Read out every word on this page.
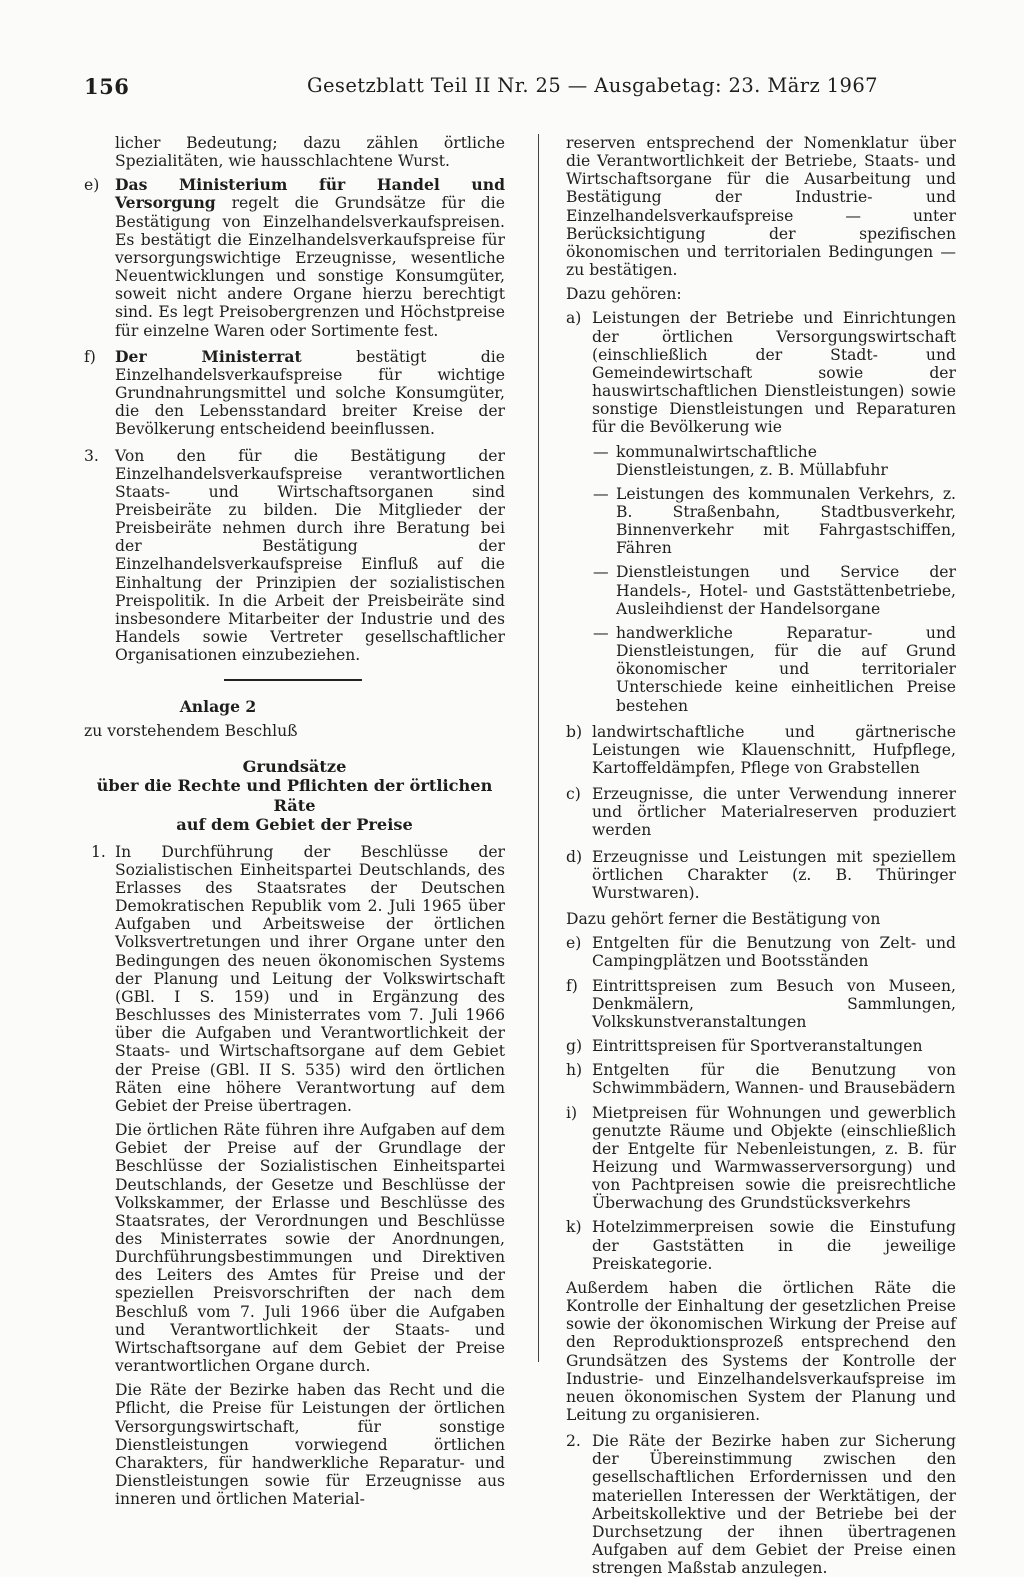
156	Gesetzblatt Teil II Nr. 25 — Ausgabetag: 23. März 1967

licher Bedeutung; dazu zählen örtliche Spezialitäten, wie hausschlachtene Wurst.

e) Das Ministerium für Handel und Versorgung regelt die Grundsätze für die Bestätigung von Einzelhandelsverkaufspreisen. Es bestätigt die Einzelhandelsverkaufspreise für versorgungswichtige Erzeugnisse, wesentliche Neuentwicklungen und sonstige Konsumgüter, soweit nicht andere Organe hierzu berechtigt sind. Es legt Preisobergrenzen und Höchstpreise für einzelne Waren oder Sortimente fest.

f) Der Ministerrat bestätigt die Einzelhandelsverkaufspreise für wichtige Grundnahrungsmittel und solche Konsumgüter, die den Lebensstandard breiter Kreise der Bevölkerung entscheidend beeinflussen.

3. Von den für die Bestätigung der Einzelhandelsverkaufspreise verantwortlichen Staats- und Wirtschaftsorganen sind Preisbeiräte zu bilden. Die Mitglieder der Preisbeiräte nehmen durch ihre Beratung bei der Bestätigung der Einzelhandelsverkaufspreise Einfluß auf die Einhaltung der Prinzipien der sozialistischen Preispolitik. In die Arbeit der Preisbeiräte sind insbesondere Mitarbeiter der Industrie und des Handels sowie Vertreter gesellschaftlicher Organisationen einzubeziehen.

Anlage 2

zu vorstehendem Beschluß

Grundsätze
über die Rechte und Pflichten der örtlichen Räte
auf dem Gebiet der Preise
1. In Durchführung der Beschlüsse der Sozialistischen Einheitspartei Deutschlands, des Erlasses des Staatsrates der Deutschen Demokratischen Republik vom 2. Juli 1965 über Aufgaben und Arbeitsweise der örtlichen Volksvertretungen und ihrer Organe unter den Bedingungen des neuen ökonomischen Systems der Planung und Leitung der Volkswirtschaft (GBl. I S. 159) und in Ergänzung des Beschlusses des Ministerrates vom 7. Juli 1966 über die Aufgaben und Verantwortlichkeit der Staats- und Wirtschaftsorgane auf dem Gebiet der Preise (GBl. II S. 535) wird den örtlichen Räten eine höhere Verantwortung auf dem Gebiet der Preise übertragen.

Die örtlichen Räte führen ihre Aufgaben auf dem Gebiet der Preise auf der Grundlage der Beschlüsse der Sozialistischen Einheitspartei Deutschlands, der Gesetze und Beschlüsse der Volkskammer, der Erlasse und Beschlüsse des Staatsrates, der Verordnungen und Beschlüsse des Ministerrates sowie der Anordnungen, Durchführungsbestimmungen und Direktiven des Leiters des Amtes für Preise und der speziellen Preisvorschriften der nach dem Beschluß vom 7. Juli 1966 über die Aufgaben und Verantwortlichkeit der Staats- und Wirtschaftsorgane auf dem Gebiet der Preise verantwortlichen Organe durch.

Die Räte der Bezirke haben das Recht und die Pflicht, die Preise für Leistungen der örtlichen Versorgungswirtschaft, für sonstige Dienstleistungen vorwiegend örtlichen Charakters, für handwerkliche Reparatur- und Dienstleistungen sowie für Erzeugnisse aus inneren und örtlichen Material-

reserven entsprechend der Nomenklatur über die Verantwortlichkeit der Betriebe, Staats- und Wirtschaftsorgane für die Ausarbeitung und Bestätigung der Industrie- und Einzelhandelsverkaufspreise — unter Berücksichtigung der spezifischen ökonomischen und territorialen Bedingungen — zu bestätigen.

Dazu gehören:

a) Leistungen der Betriebe und Einrichtungen der örtlichen Versorgungswirtschaft (einschließlich der Stadt- und Gemeindewirtschaft sowie der hauswirtschaftlichen Dienstleistungen) sowie sonstige Dienstleistungen und Reparaturen für die Bevölkerung wie

— kommunalwirtschaftliche Dienstleistungen, z. B. Müllabfuhr

— Leistungen des kommunalen Verkehrs, z. B. Straßenbahn, Stadtbusverkehr, Binnenverkehr mit Fahrgastschiffen, Fähren

— Dienstleistungen und Service der Handels-, Hotel- und Gaststättenbetriebe, Ausleihdienst der Handelsorgane

— handwerkliche Reparatur- und Dienstleistungen, für die auf Grund ökonomischer und territorialer Unterschiede keine einheitlichen Preise bestehen

b) landwirtschaftliche und gärtnerische Leistungen wie Klauenschnitt, Hufpflege, Kartoffeldämpfen, Pflege von Grabstellen

c) Erzeugnisse, die unter Verwendung innerer und örtlicher Materialreserven produziert werden

d) Erzeugnisse und Leistungen mit speziellem örtlichen Charakter (z. B. Thüringer Wurstwaren).

Dazu gehört ferner die Bestätigung von

e) Entgelten für die Benutzung von Zelt- und Campingplätzen und Bootsständen

f) Eintrittspreisen zum Besuch von Museen, Denkmälern, Sammlungen, Volkskunstveranstaltungen

g) Eintrittspreisen für Sportveranstaltungen

h) Entgelten für die Benutzung von Schwimmbädern, Wannen- und Brausebädern

i) Mietpreisen für Wohnungen und gewerblich genutzte Räume und Objekte (einschließlich der Entgelte für Nebenleistungen, z. B. für Heizung und Warmwasserversorgung) und von Pachtpreisen sowie die preisrechtliche Überwachung des Grundstücksverkehrs

k) Hotelzimmerpreisen sowie die Einstufung der Gaststätten in die jeweilige Preiskategorie.

Außerdem haben die örtlichen Räte die Kontrolle der Einhaltung der gesetzlichen Preise sowie der ökonomischen Wirkung der Preise auf den Reproduktionsprozeß entsprechend den Grundsätzen des Systems der Kontrolle der Industrie- und Einzelhandelsverkaufspreise im neuen ökonomischen System der Planung und Leitung zu organisieren.

2. Die Räte der Bezirke haben zur Sicherung der Übereinstimmung zwischen den gesellschaftlichen Erfordernissen und den materiellen Interessen der Werktätigen, der Arbeitskollektive und der Betriebe bei der Durchsetzung der ihnen übertragenen Aufgaben auf dem Gebiet der Preise einen strengen Maßstab anzulegen.
